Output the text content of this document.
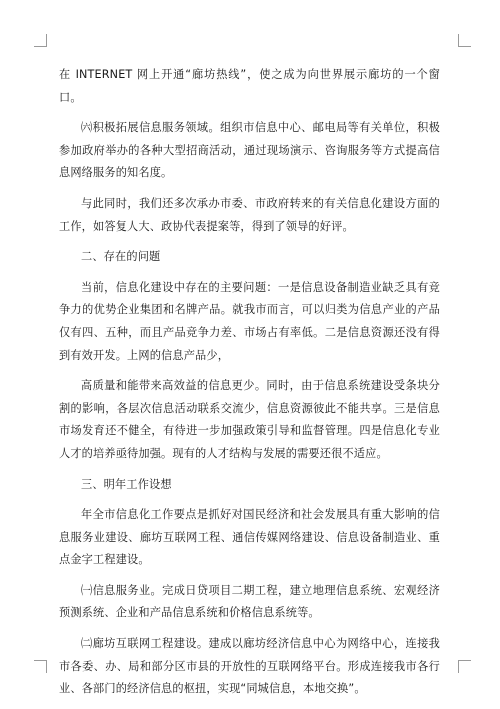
在 INTERNET 网上开通“廊坊热线”，使之成为向世界展示廊坊的一个窗口。

㈥积极拓展信息服务领域。组织市信息中心、邮电局等有关单位，积极参加政府举办的各种大型招商活动，通过现场演示、咨询服务等方式提高信息网络服务的知名度。

与此同时，我们还多次承办市委、市政府转来的有关信息化建设方面的工作，如答复人大、政协代表提案等，得到了领导的好评。

二、存在的问题

当前，信息化建设中存在的主要问题：一是信息设备制造业缺乏具有竞争力的优势企业集团和名牌产品。就我市而言，可以归类为信息产业的产品仅有四、五种，而且产品竞争力差、市场占有率低。二是信息资源还没有得到有效开发。上网的信息产品少，

高质量和能带来高效益的信息更少。同时，由于信息系统建设受条块分割的影响，各层次信息活动联系交流少，信息资源彼此不能共享。三是信息市场发育还不健全，有待进一步加强政策引导和监督管理。四是信息化专业人才的培养亟待加强。现有的人才结构与发展的需要还很不适应。

三、明年工作设想

年全市信息化工作要点是抓好对国民经济和社会发展具有重大影响的信息服务业建设、廊坊互联网工程、通信传媒网络建设、信息设备制造业、重点金字工程建设。

㈠信息服务业。完成日贷项目二期工程，建立地理信息系统、宏观经济预测系统、企业和产品信息系统和价格信息系统等。

㈡廊坊互联网工程建设。建成以廊坊经济信息中心为网络中心，连接我市各委、办、局和部分区市县的开放性的互联网络平台。形成连接我市各行业、各部门的经济信息的枢扭，实现“同城信息，本地交换”。
